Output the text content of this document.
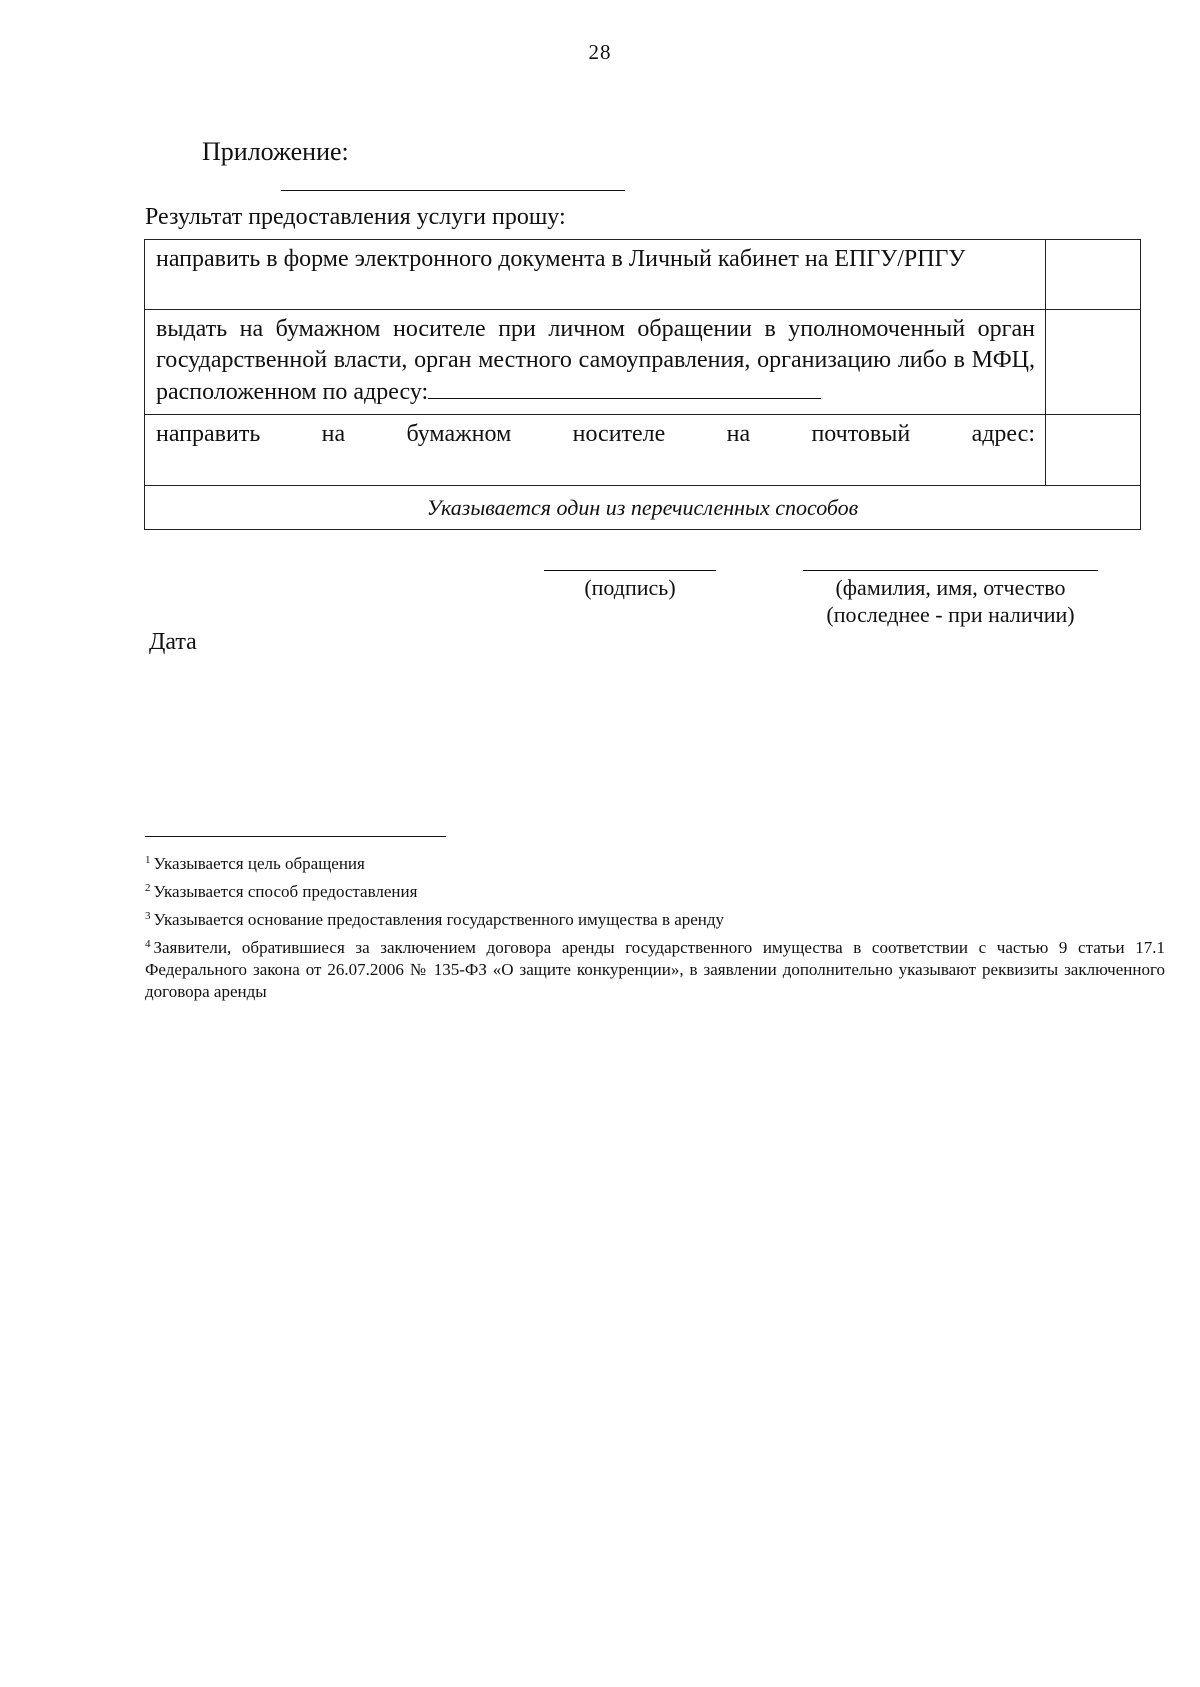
28
Приложение:
Результат предоставления услуги прошу:
направить в форме электронного документа в Личный кабинет на ЕПГУ/РПГУ	
выдать на бумажном носителе при личном обращении в уполномоченный орган государственной власти, орган местного самоуправления, организацию либо в МФЦ, расположенном по адресу:	
направить на бумажном носителе на почтовый адрес:	
Указывается один из перечисленных способов	
(подпись)	(фамилия, имя, отчество
(последнее - при наличии)
Дата

$^1$ Указывается цель обращения

$^2$ Указывается способ предоставления

$^3$ Указывается основание предоставления государственного имущества в аренду

$^4$ Заявители, обратившиеся за заключением договора аренды государственного имущества в соответствии с частью 9 статьи 17.1 Федерального закона от 26.07.2006 № 135-ФЗ «О защите конкуренции», в заявлении дополнительно указывают реквизиты заключенного договора аренды
